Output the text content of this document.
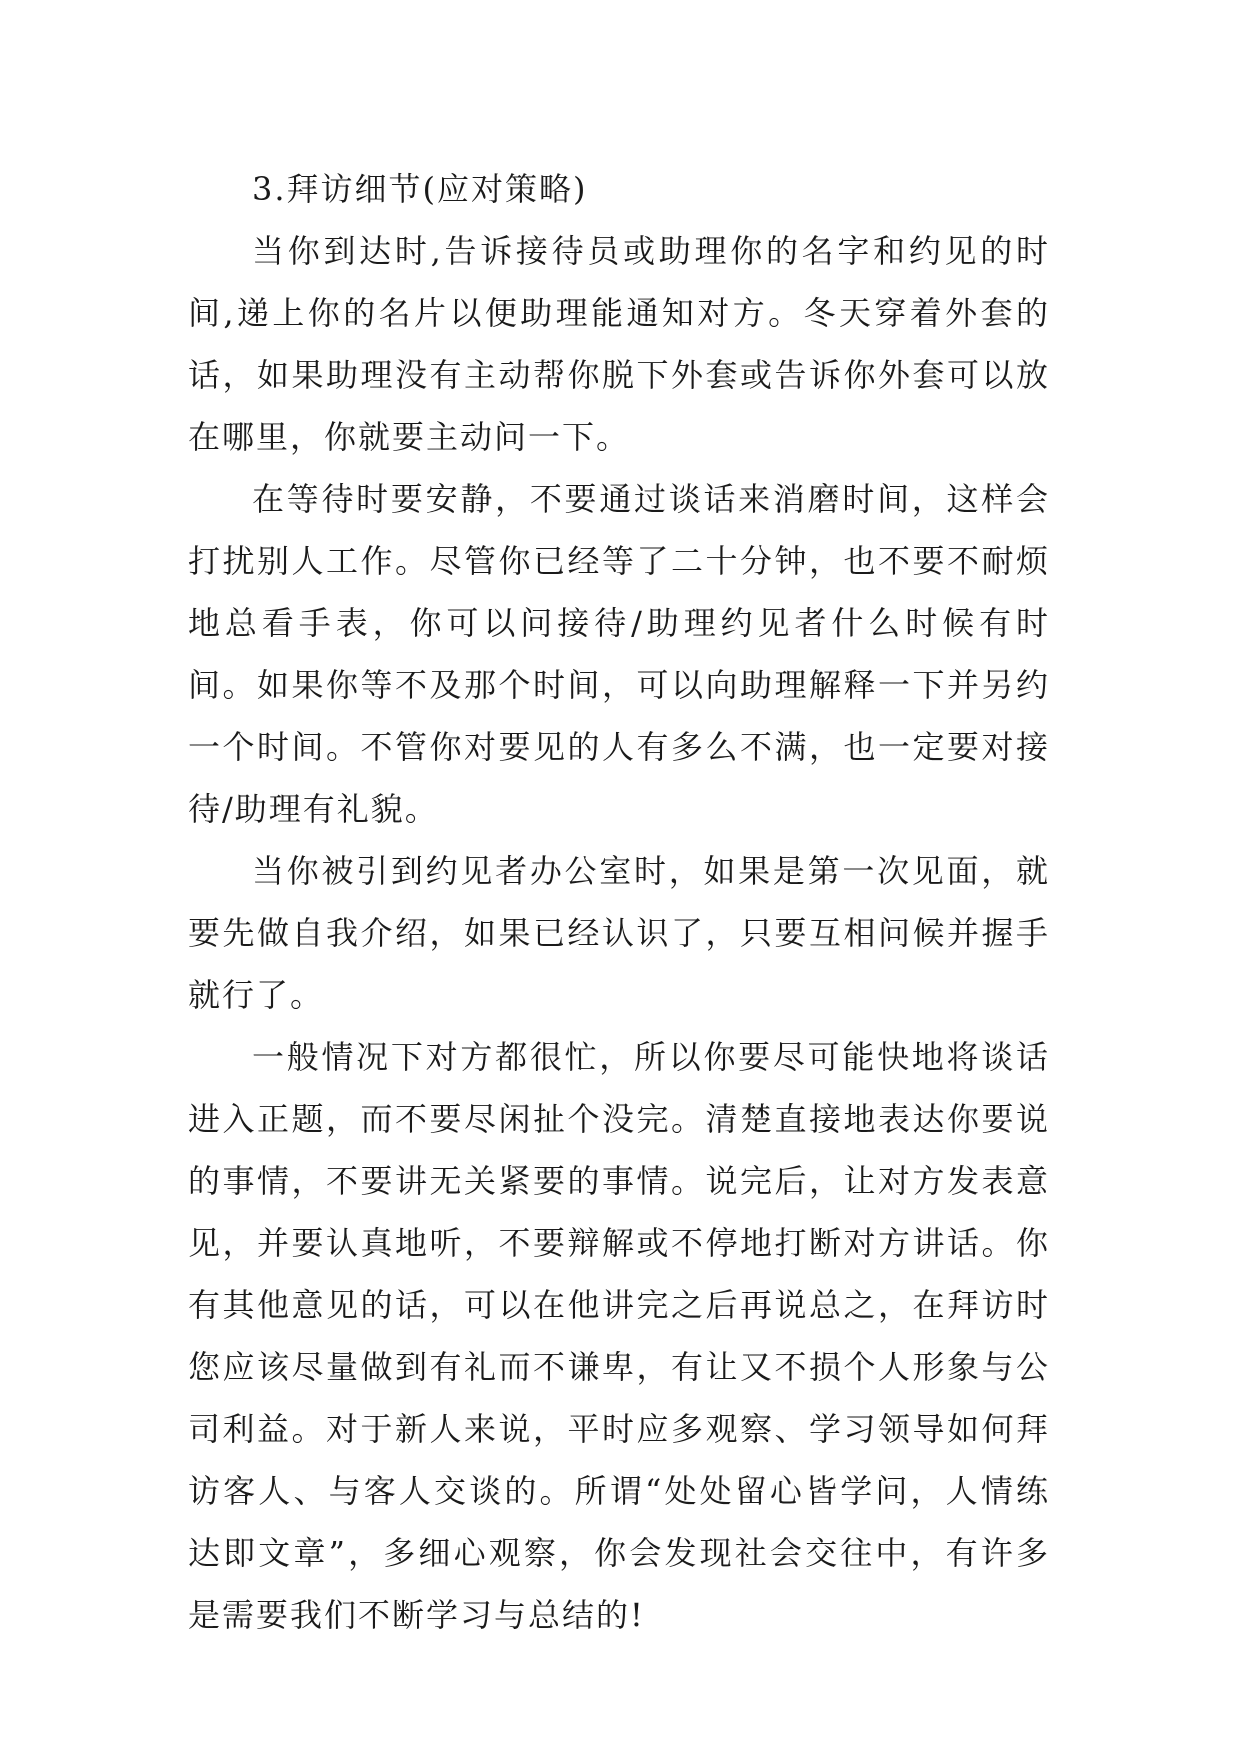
3.拜访细节(应对策略)

当你到达时,告诉接待员或助理你的名字和约见的时间,递上你的名片以便助理能通知对方。冬天穿着外套的话，如果助理没有主动帮你脱下外套或告诉你外套可以放在哪里，你就要主动问一下。

在等待时要安静，不要通过谈话来消磨时间，这样会打扰别人工作。尽管你已经等了二十分钟，也不要不耐烦地总看手表，你可以问接待/助理约见者什么时候有时间。如果你等不及那个时间，可以向助理解释一下并另约一个时间。不管你对要见的人有多么不满，也一定要对接待/助理有礼貌。

当你被引到约见者办公室时，如果是第一次见面，就要先做自我介绍，如果已经认识了，只要互相问候并握手就行了。

一般情况下对方都很忙，所以你要尽可能快地将谈话进入正题，而不要尽闲扯个没完。清楚直接地表达你要说的事情，不要讲无关紧要的事情。说完后，让对方发表意见，并要认真地听，不要辩解或不停地打断对方讲话。你有其他意见的话，可以在他讲完之后再说总之，在拜访时您应该尽量做到有礼而不谦卑，有让又不损个人形象与公司利益。对于新人来说，平时应多观察、学习领导如何拜访客人、与客人交谈的。所谓“处处留心皆学问，人情练达即文章”，多细心观察，你会发现社会交往中，有许多是需要我们不断学习与总结的!
